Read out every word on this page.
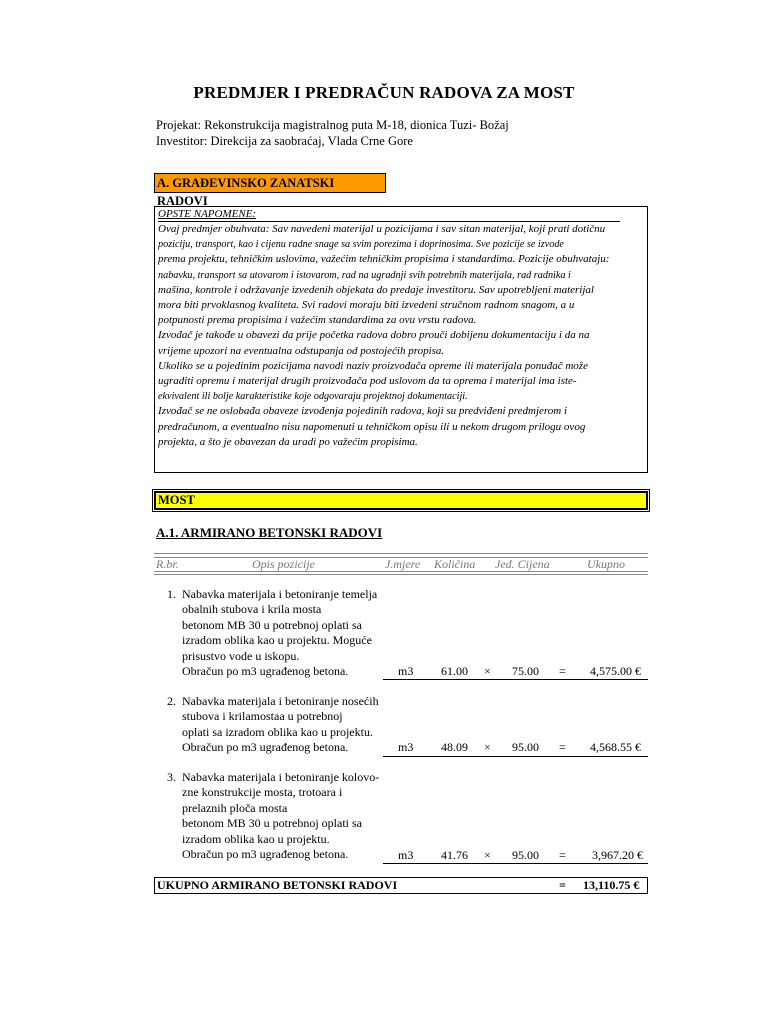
PREDMJER I PREDRAČUN RADOVA ZA MOST
Projekat: Rekonstrukcija magistralnog puta M-18, dionica Tuzi- Božaj
Investitor: Direkcija za saobraćaj, Vlada Crne Gore
A. GRAĐEVINSKO ZANATSKI RADOVI
OPSTE NAPOMENE:
Ovaj predmjer obuhvata: Sav navedeni materijal u pozicijama i sav sitan materijal, koji prati dotičnu
poziciju, transport, kao i cijenu radne snage sa svim porezima i doprinosima. Sve pozicije se izvode
prema projektu, tehničkim uslovima, važećim tehničkim propisima i standardima. Pozicije obuhvataju:
nabavku, transport sa utovarom i istovarom, rad na ugradnji svih potrebnih materijala, rad radnika i
mašina, kontrole i održavanje izvedenih objekata do predaje investitoru. Sav upotrebljeni materijal
mora biti prvoklasnog kvaliteta. Svi radovi moraju biti izvedeni stručnom radnom snagom, a u
potpunosti prema propisima i važećim standardima za ovu vrstu radova.
Izvođač je takođe u obavezi da prije početka radova dobro prouči dobijenu dokumentaciju i da na
vrijeme upozori na eventualna odstupanja od postojećih propisa.
Ukoliko se u pojedinim pozicijama navodi naziv proizvođača opreme ili materijala ponuđač može
ugraditi opremu i materijal drugih proizvođača pod uslovom da ta oprema i materijal ima iste-
ekvivalent ili bolje karakteristike koje odgovaraju projektnoj dokumentaciji.
Izvođač se ne oslobađa obaveze izvođenja pojedinih radova, koji su predviđeni predmjerom i
predračunom, a eventualno nisu napomenuti u tehničkom opisu ili u nekom drugom prilogu ovog
projekta, a što je obavezan da uradi po važećim propisima.
MOST
A.1. ARMIRANO BETONSKI RADOVI
R.br.	Opis pozicije	J.mjere Količina Jed. Cijena	Ukupno
1. Nabavka materijala i betoniranje temelja
obalnih stubova i krila mosta
betonom MB 30 u potrebnoj oplati sa
izradom oblika kao u projektu. Moguće
prisustvo vode u iskopu.
Obračun po m3 ugrađenog betona.	m3 61.00 × 75.00 = 4,575.00 €
2. Nabavka materijala i betoniranje nosećih
stubova i krilamostaa u potrebnoj
oplati sa izradom oblika kao u projektu.
Obračun po m3 ugrađenog betona.	m3 48.09 × 95.00 = 4,568.55 €
3. Nabavka materijala i betoniranje kolovo-
zne konstrukcije mosta, trotoara i
prelaznih ploča mosta
betonom MB 30 u potrebnoj oplati sa
izradom oblika kao u projektu.
Obračun po m3 ugrađenog betona.	m3 41.76 × 95.00 = 3,967.20 €
UKUPNO ARMIRANO BETONSKI RADOVI	= 13,110.75 €
